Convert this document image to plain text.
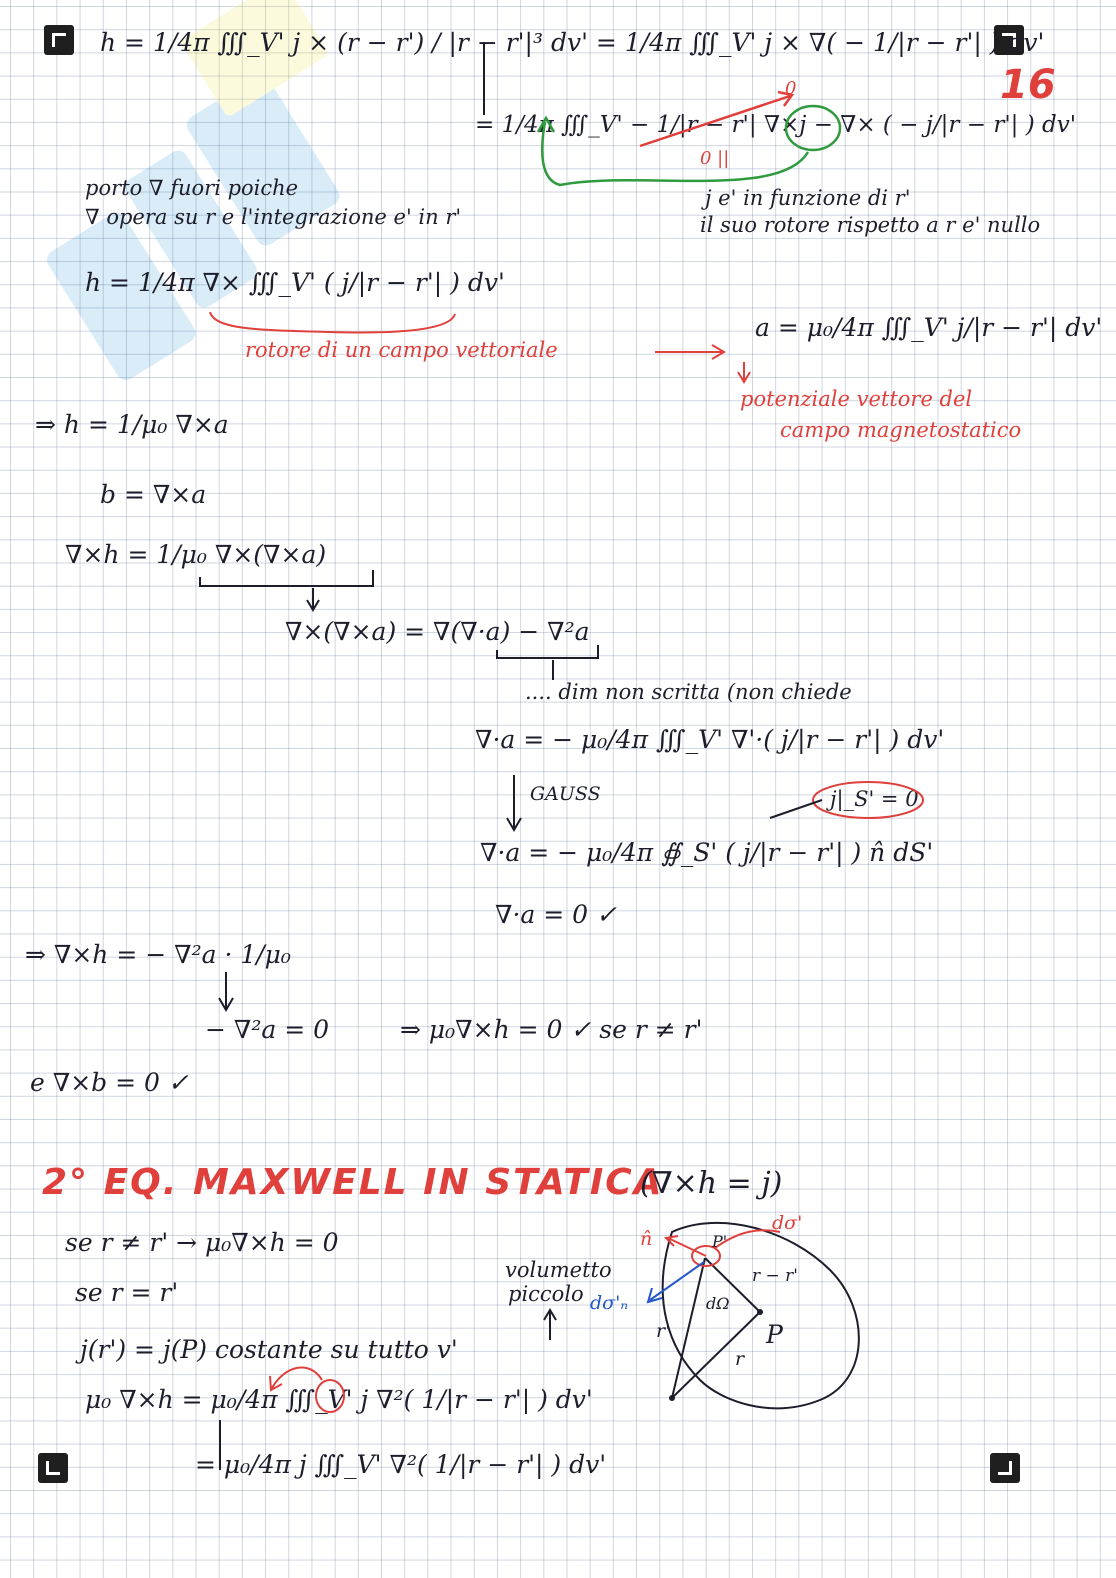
16
h = 1/4π ∭_V' j × (r − r') / |r − r'|³ dv' = 1/4π ∭_V' j × ∇( − 1/|r − r'| ) dv'
= 1/4π ∭_V' − 1/|r − r'| ∇×j − ∇× ( − j/|r − r'| ) dv'
0
0 ||
porto ∇ fuori poiche
∇ opera su r e l'integrazione e' in r'
j e' in funzione di r'
il suo rotore rispetto a r e' nullo
h = 1/4π ∇× ∭_V' ( j/|r − r'| ) dv'
rotore di un campo vettoriale
a = μ₀/4π ∭_V' j/|r − r'| dv'
potenziale vettore del
campo magnetostatico
⇒ h = 1/μ₀ ∇×a
b = ∇×a
∇×h = 1/μ₀ ∇×(∇×a)
∇×(∇×a) = ∇(∇·a) − ∇²a
.... dim non scritta (non chiede
∇·a = − μ₀/4π ∭_V' ∇'·( j/|r − r'| ) dv'
GAUSS	j|_S' = 0
∇·a = − μ₀/4π ∯_S' ( j/|r − r'| ) n̂ dS'
∇·a = 0 ✓
⇒ ∇×h = − ∇²a · 1/μ₀
− ∇²a = 0	⇒ μ₀∇×h = 0 ✓ se r ≠ r'
e ∇×b = 0 ✓
2° EQ. MAXWELL IN STATICA
(∇×h = j)
se r ≠ r' → μ₀∇×h = 0
se r = r'
j(r') = j(P) costante su tutto v'
μ₀ ∇×h = μ₀/4π ∭_V' j ∇²( 1/|r − r'| ) dv'
= μ₀/4π j ∭_V' ∇²( 1/|r − r'| ) dv'
volumetto
piccolo
n̂	P'
dσ'
dσ'ₙ
r − r'
dΩ
r'
r
P
